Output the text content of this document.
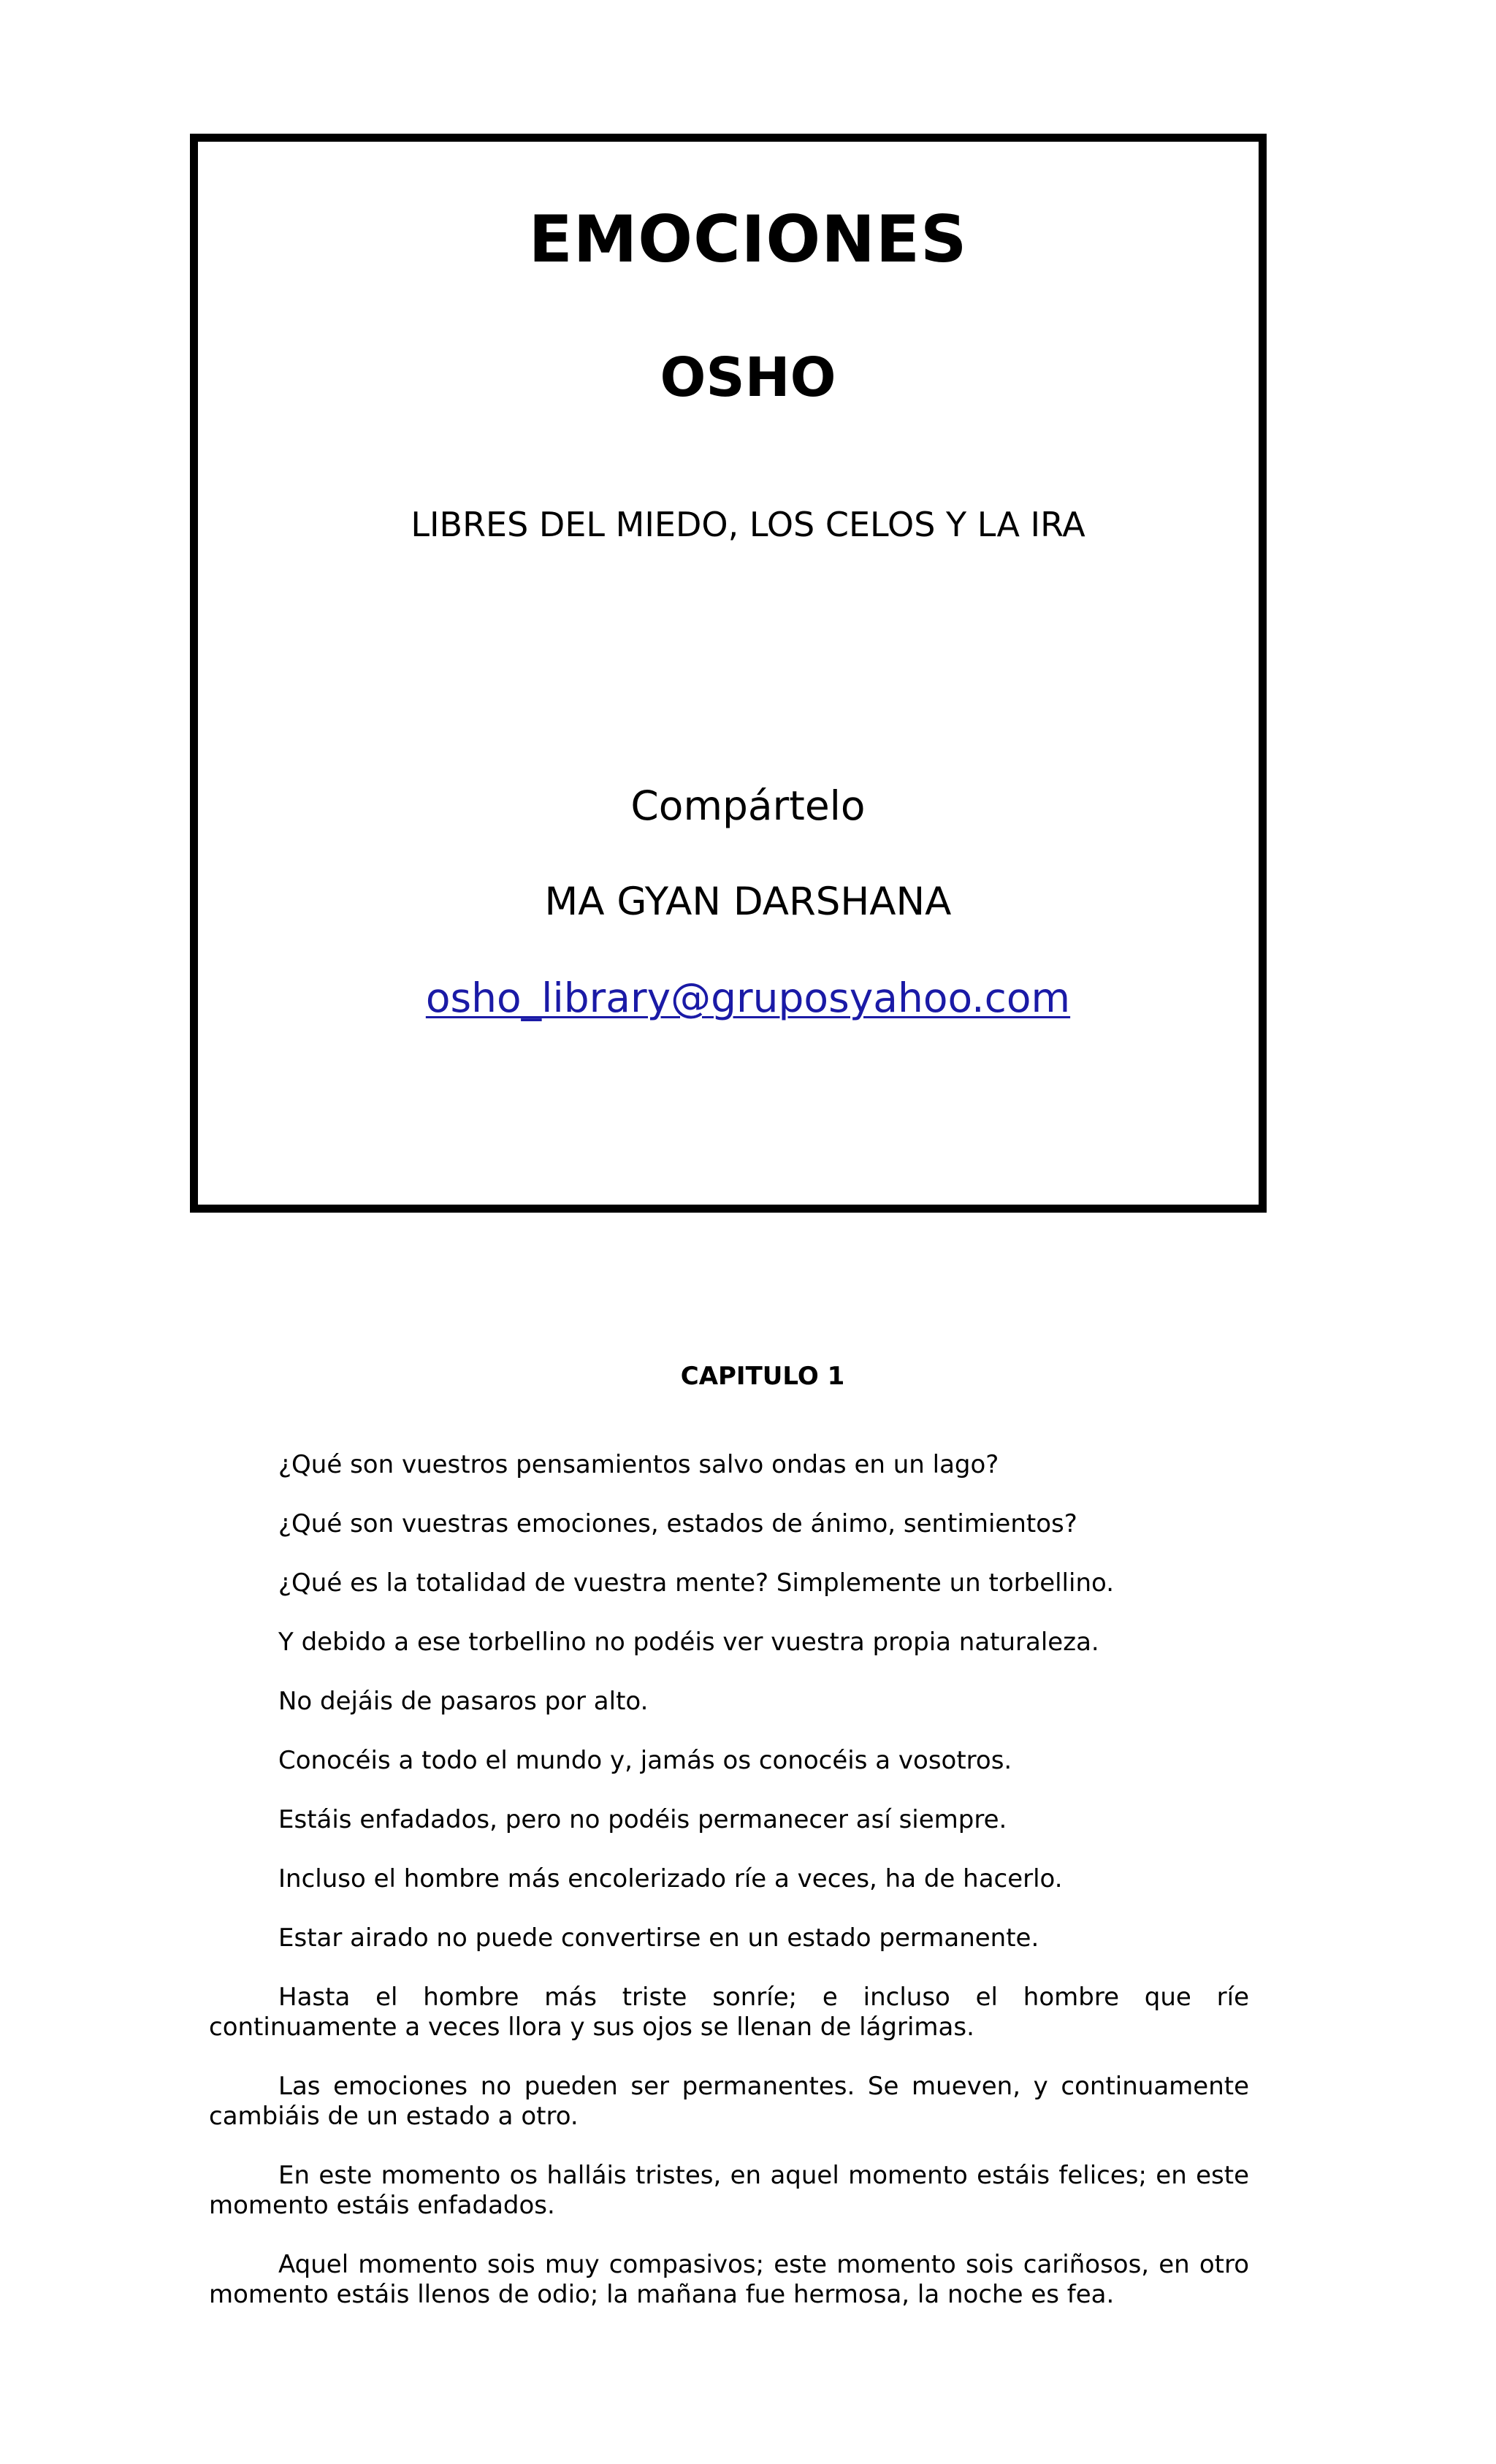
EMOCIONES
OSHO
LIBRES DEL MIEDO, LOS CELOS Y LA IRA
Compártelo
MA GYAN DARSHANA
osho_library@gruposyahoo.com
CAPITULO 1

¿Qué son vuestros pensamientos salvo ondas en un lago?

¿Qué son vuestras emociones, estados de ánimo, sentimientos?

¿Qué es la totalidad de vuestra mente? Simplemente un torbellino.

Y debido a ese torbellino no podéis ver vuestra propia naturaleza.

No dejáis de pasaros por alto.

Conocéis a todo el mundo y, jamás os conocéis a vosotros.

Estáis enfadados, pero no podéis permanecer así siempre.

Incluso el hombre más encolerizado ríe a veces, ha de hacerlo.

Estar airado no puede convertirse en un estado permanente.

Hasta el hombre más triste sonríe; e incluso el hombre que ríe continuamente a veces llora y sus ojos se llenan de lágrimas.

Las emociones no pueden ser permanentes. Se mueven, y continuamente cambiáis de un estado a otro.

En este momento os halláis tristes, en aquel momento estáis felices; en este momento estáis enfadados.

Aquel momento sois muy compasivos; este momento sois cariñosos, en otro momento estáis llenos de odio; la mañana fue hermosa, la noche es fea.
